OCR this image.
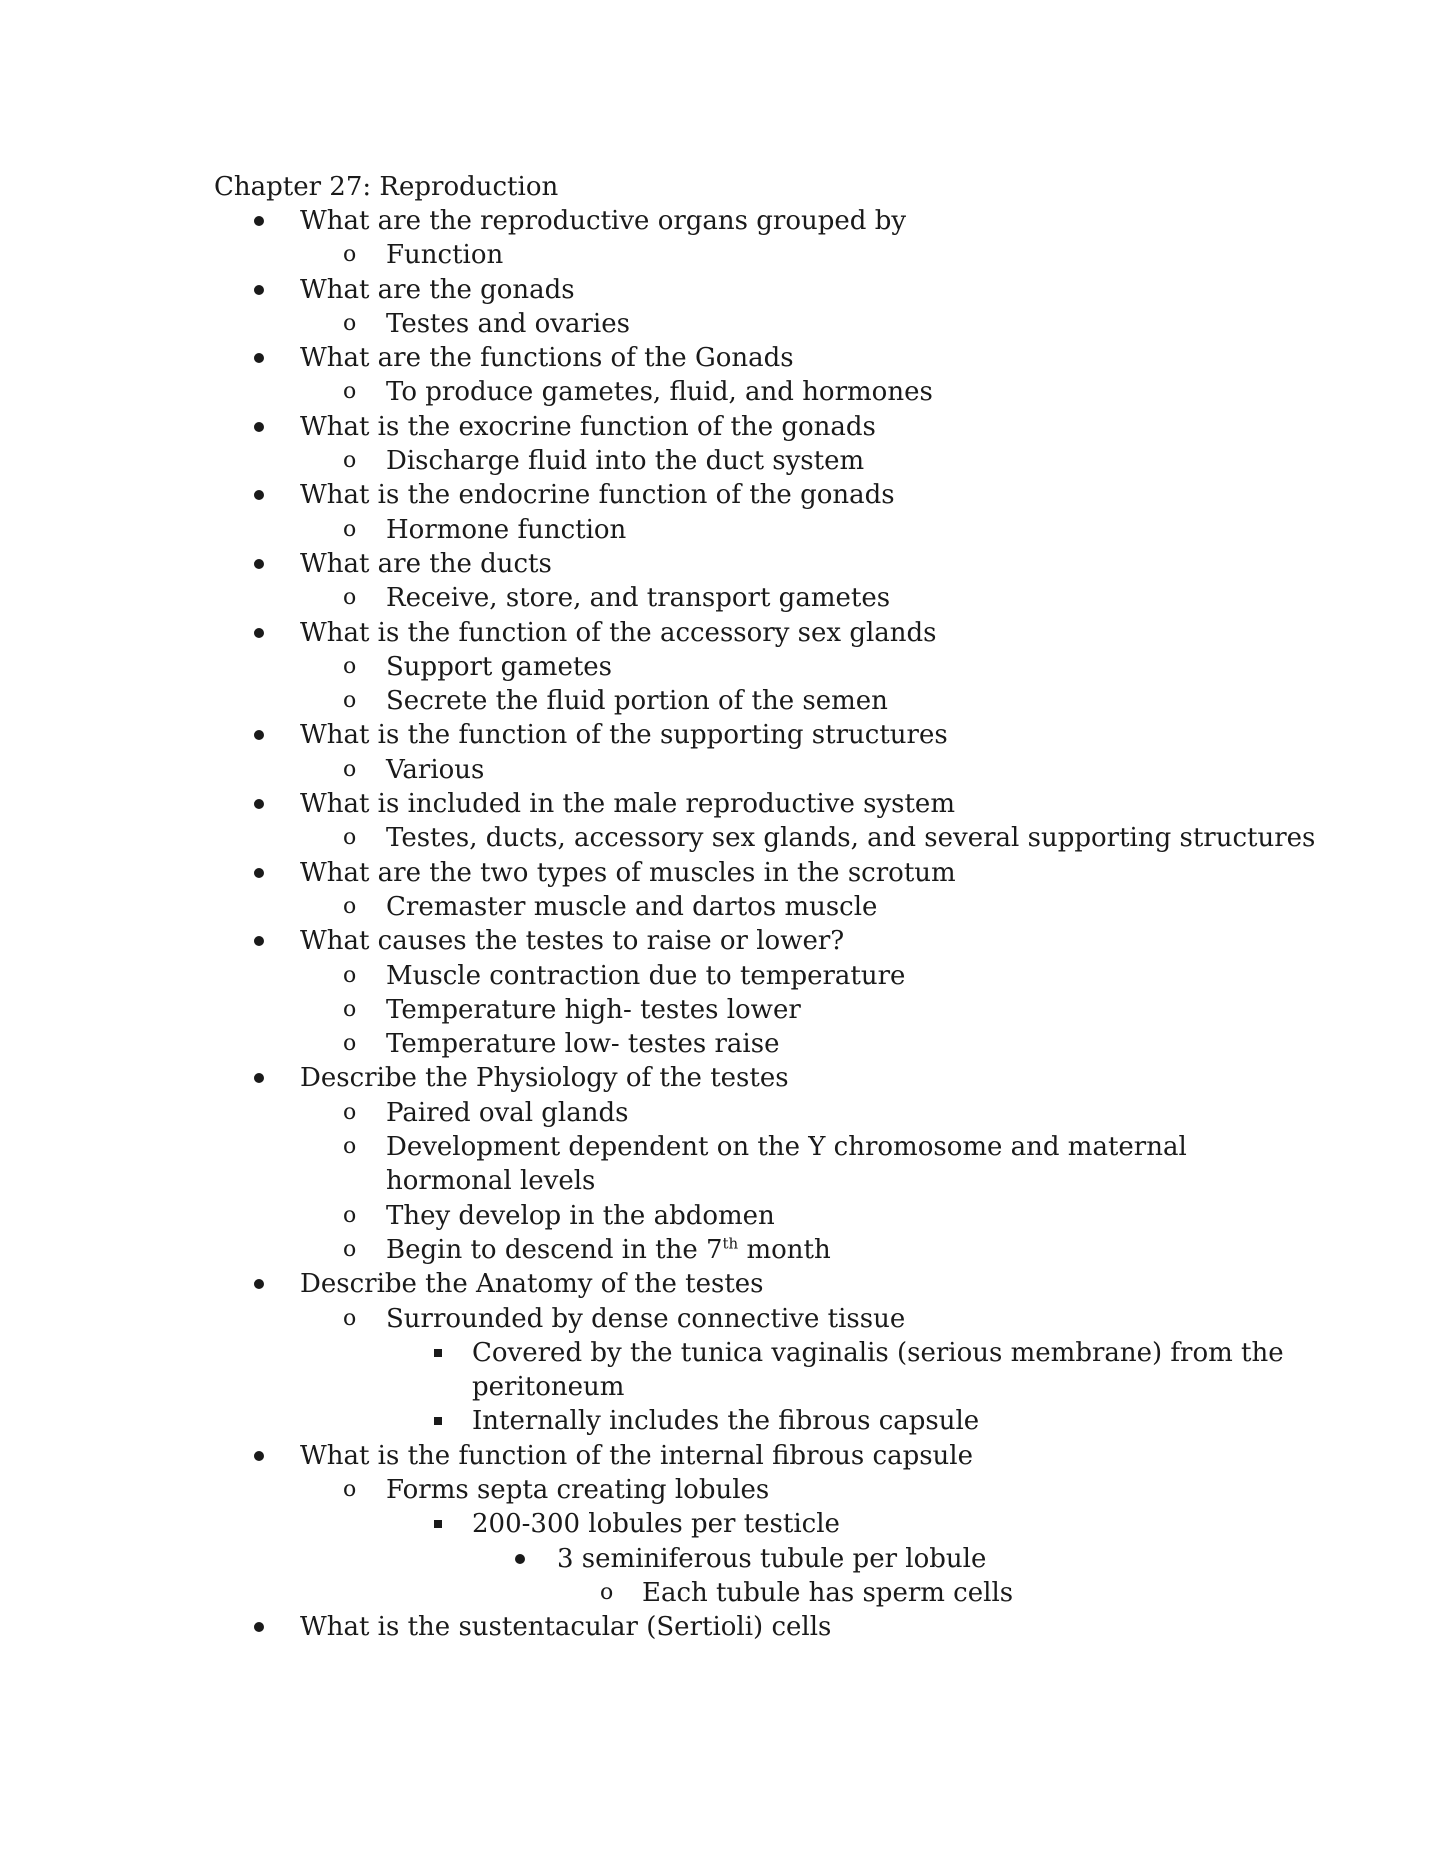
Chapter 27: Reproduction
What are the reproductive organs grouped by
o Function
What are the gonads
o Testes and ovaries
What are the functions of the Gonads
o To produce gametes, fluid, and hormones
What is the exocrine function of the gonads
o Discharge fluid into the duct system
What is the endocrine function of the gonads
o Hormone function
What are the ducts
o Receive, store, and transport gametes
What is the function of the accessory sex glands
o Support gametes
o Secrete the fluid portion of the semen
What is the function of the supporting structures
o Various
What is included in the male reproductive system
o Testes, ducts, accessory sex glands, and several supporting structures
What are the two types of muscles in the scrotum
o Cremaster muscle and dartos muscle
What causes the testes to raise or lower?
o Muscle contraction due to temperature
o Temperature high- testes lower
o Temperature low- testes raise
Describe the Physiology of the testes
o Paired oval glands
o Development dependent on the Y chromosome and maternal
hormonal levels
o They develop in the abdomen
o Begin to descend in the 7th month
Describe the Anatomy of the testes
o Surrounded by dense connective tissue
Covered by the tunica vaginalis (serious membrane) from the
peritoneum
Internally includes the fibrous capsule
What is the function of the internal fibrous capsule
o Forms septa creating lobules
200-300 lobules per testicle
3 seminiferous tubule per lobule
o Each tubule has sperm cells
What is the sustentacular (Sertioli) cells
